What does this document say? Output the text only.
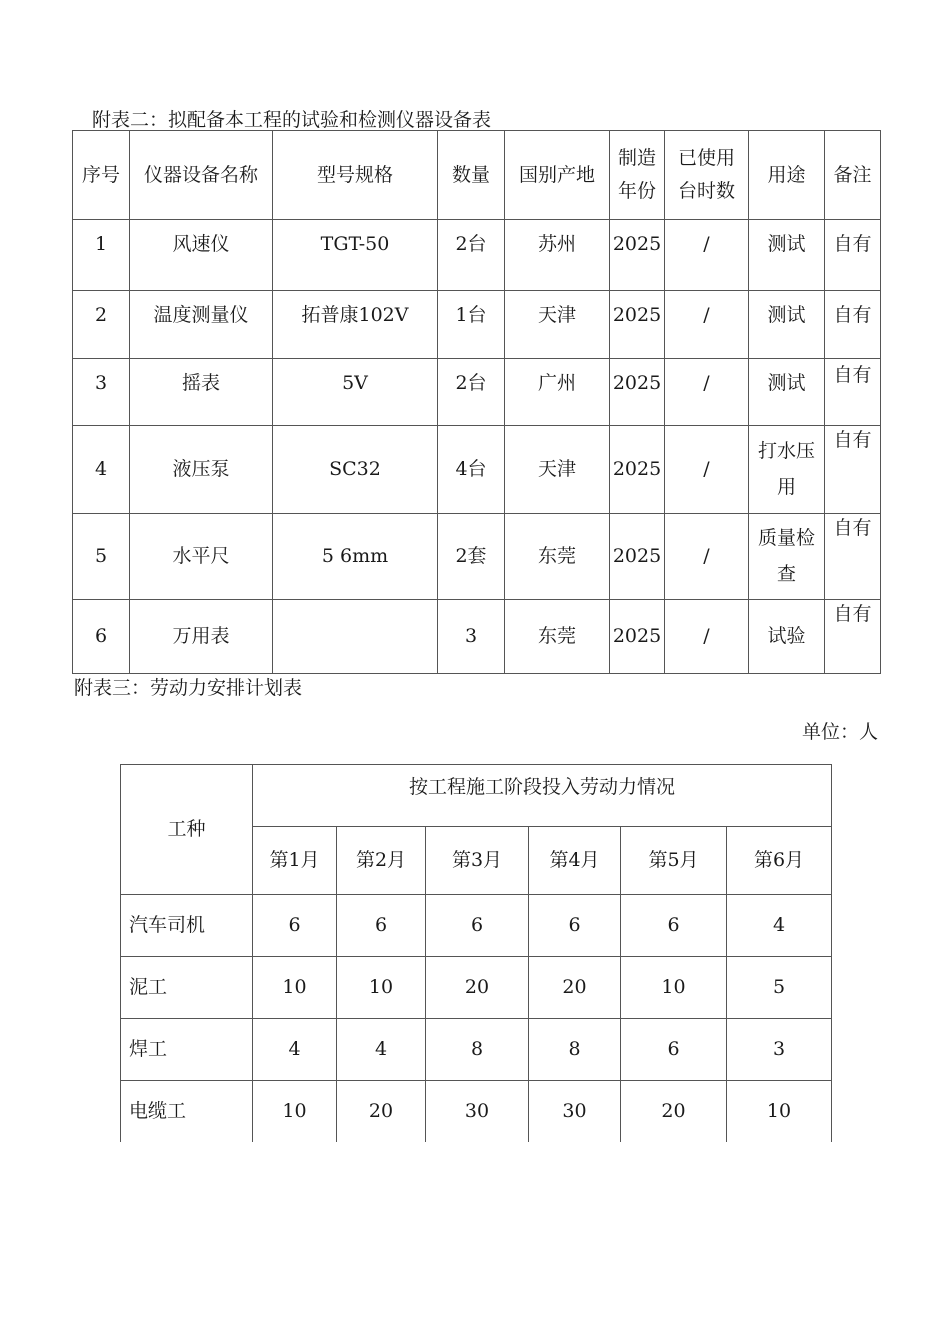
附表二：拟配备本工程的试验和检测仪器设备表
序号	仪器设备名称	型号规格	数量	国别产地	制造年份	已使用台时数	用途	备注
1	风速仪	TGT-50	2台	苏州	2025	/	测试	自有
2	温度测量仪	拓普康102V	1台	天津	2025	/	测试	自有
3	摇表	5V	2台	广州	2025	/	测试	自有
4	液压泵	SC32	4台	天津	2025	/	打水压用	自有
5	水平尺	5 6mm	2套	东莞	2025	/	质量检查	自有
6	万用表		3	东莞	2025	/	试验	自有
附表三：劳动力安排计划表
单位：人
工种	按工程施工阶段投入劳动力情况					
	第1月	第2月	第3月	第4月	第5月	第6月
汽车司机	6	6	6	6	6	4
泥工	10	10	20	20	10	5
焊工	4	4	8	8	6	3
电缆工	10	20	30	30	20	10
